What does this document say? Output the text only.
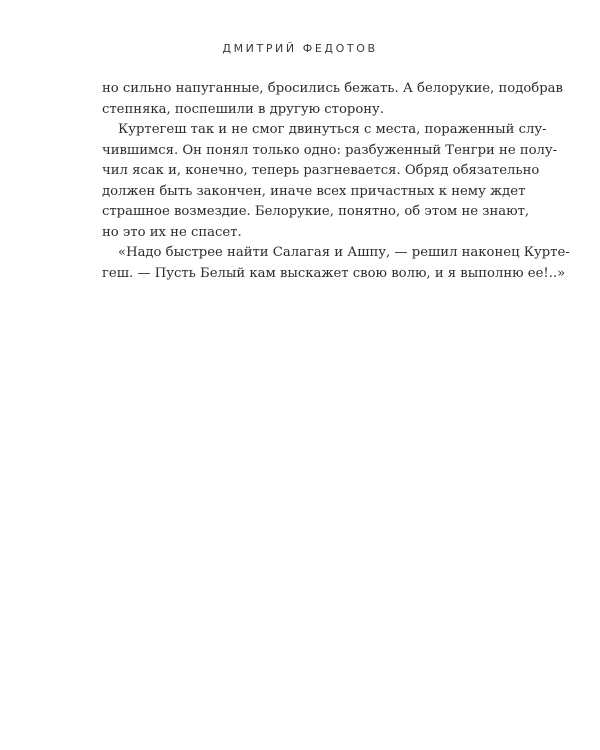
ДМИТРИЙ ФЕДОТОВ
но сильно напуганные, бросились бежать. А белорукие, подобрав
степняка, поспешили в другую сторону.
Куртегеш так и не смог двинуться с места, пораженный слу-
чившимся. Он понял только одно: разбуженный Тенгри не полу-
чил ясак и, конечно, теперь разгневается. Обряд обязательно
должен быть закончен, иначе всех причастных к нему ждет
страшное возмездие. Белорукие, понятно, об этом не знают,
но это их не спасет.
«Надо быстрее найти Салагая и Ашпу, — решил наконец Курте-
геш. — Пусть Белый кам выскажет свою волю, и я выполню ее!..»
